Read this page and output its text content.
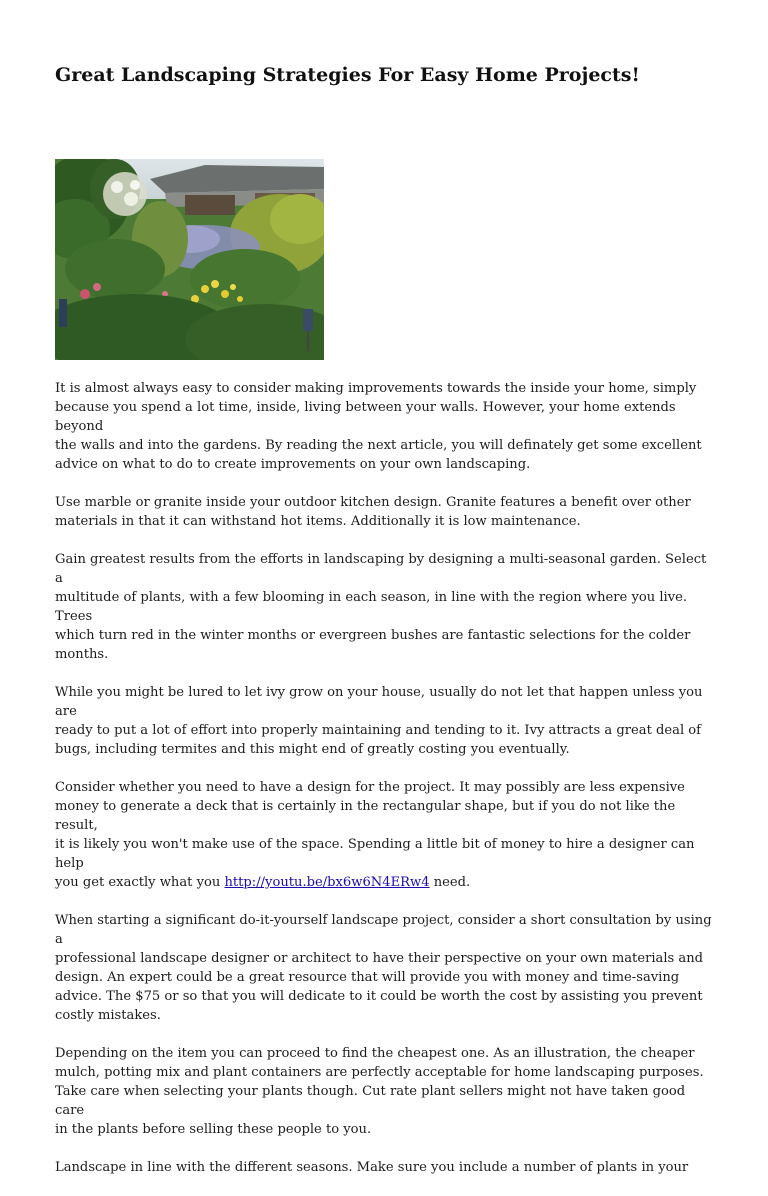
Great Landscaping Strategies For Easy Home Projects!

It is almost always easy to consider making improvements towards the inside your home, simply
because you spend a lot time, inside, living between your walls. However, your home extends beyond
the walls and into the gardens. By reading the next article, you will definately get some excellent
advice on what to do to create improvements on your own landscaping.

Use marble or granite inside your outdoor kitchen design. Granite features a benefit over other
materials in that it can withstand hot items. Additionally it is low maintenance.

Gain greatest results from the efforts in landscaping by designing a multi-seasonal garden. Select a
multitude of plants, with a few blooming in each season, in line with the region where you live. Trees
which turn red in the winter months or evergreen bushes are fantastic selections for the colder
months.

While you might be lured to let ivy grow on your house, usually do not let that happen unless you are
ready to put a lot of effort into properly maintaining and tending to it. Ivy attracts a great deal of
bugs, including termites and this might end of greatly costing you eventually.

Consider whether you need to have a design for the project. It may possibly are less expensive
money to generate a deck that is certainly in the rectangular shape, but if you do not like the result,
it is likely you won't make use of the space. Spending a little bit of money to hire a designer can help
you get exactly what you http://youtu.be/bx6w6N4ERw4 need.

When starting a significant do-it-yourself landscape project, consider a short consultation by using a
professional landscape designer or architect to have their perspective on your own materials and
design. An expert could be a great resource that will provide you with money and time-saving
advice. The $75 or so that you will dedicate to it could be worth the cost by assisting you prevent
costly mistakes.

Depending on the item you can proceed to find the cheapest one. As an illustration, the cheaper
mulch, potting mix and plant containers are perfectly acceptable for home landscaping purposes.
Take care when selecting your plants though. Cut rate plant sellers might not have taken good care
in the plants before selling these people to you.

Landscape in line with the different seasons. Make sure you include a number of plants in your
